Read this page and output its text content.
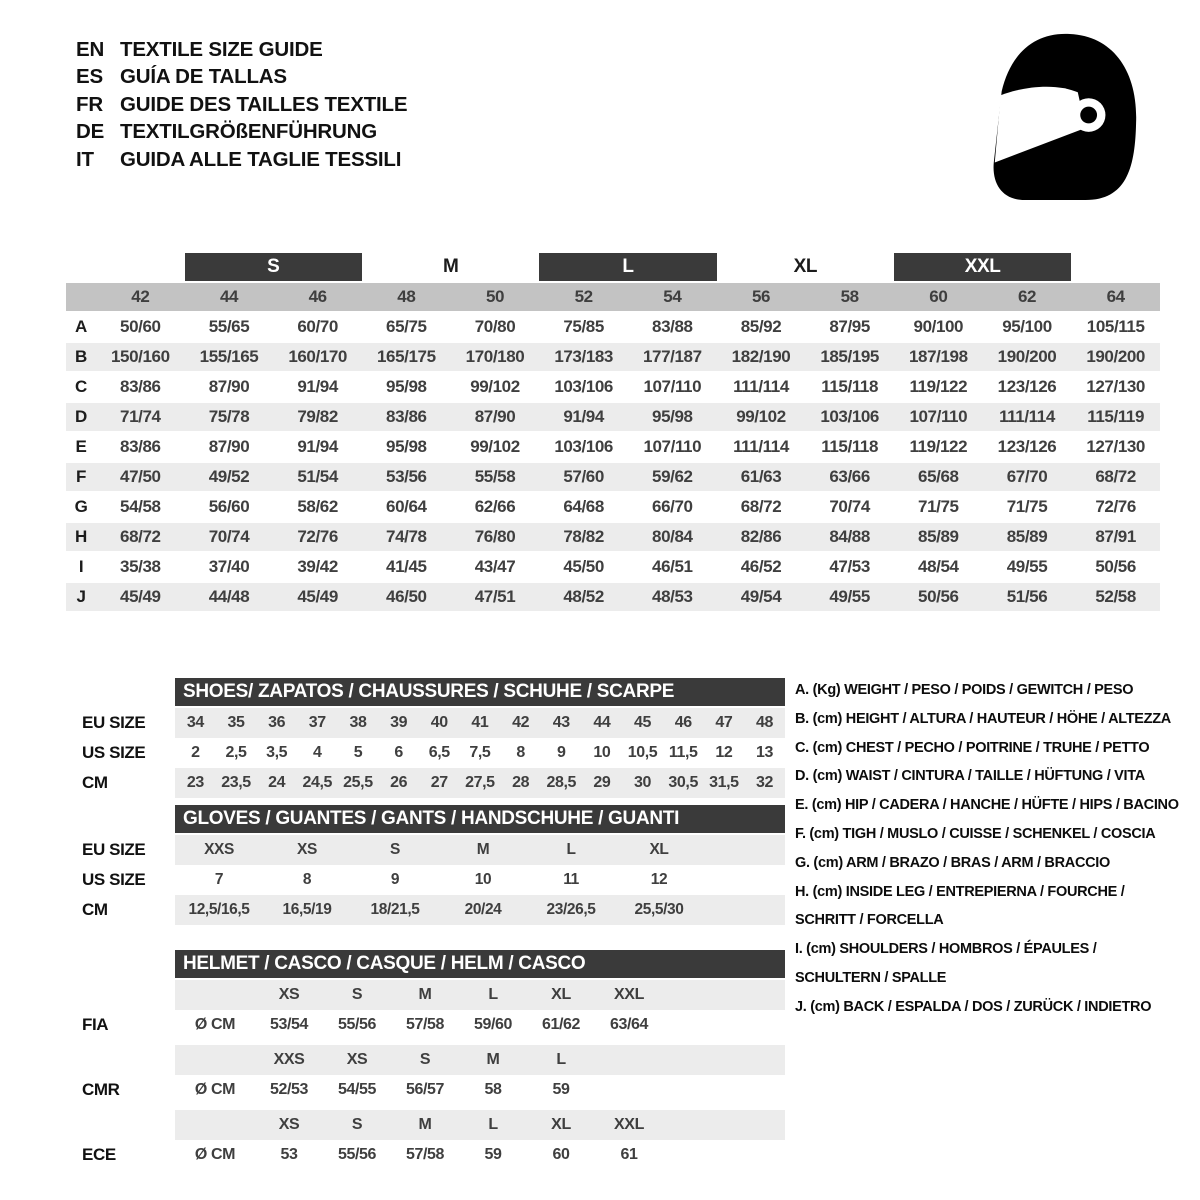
EN TEXTILE SIZE GUIDE
ES GUÍA DE TALLAS
FR GUIDE DES TAILLES TEXTILE
DE TEXTILGRÖßENFÜHRUNG
IT	GUIDA ALLE TAGLIE TESSILI
S	M	L	XL	XXL
42	44	46	48	50	52	54	56	58	60	62	64
A	50/60	55/65	60/70	65/75	70/80	75/85	83/88	85/92	87/95	90/100	95/100	105/115
B	150/160	155/165	160/170	165/175	170/180	173/183	177/187	182/190	185/195	187/198	190/200	190/200
C	83/86	87/90	91/94	95/98	99/102	103/106	107/110	111/114	115/118	119/122	123/126	127/130
D	71/74	75/78	79/82	83/86	87/90	91/94	95/98	99/102	103/106	107/110	111/114	115/119
E	83/86	87/90	91/94	95/98	99/102	103/106	107/110	111/114	115/118	119/122	123/126	127/130
F	47/50	49/52	51/54	53/56	55/58	57/60	59/62	61/63	63/66	65/68	67/70	68/72
G	54/58	56/60	58/62	60/64	62/66	64/68	66/70	68/72	70/74	71/75	71/75	72/76
H	68/72	70/74	72/76	74/78	76/80	78/82	80/84	82/86	84/88	85/89	85/89	87/91
I	35/38	37/40	39/42	41/45	43/47	45/50	46/51	46/52	47/53	48/54	49/55	50/56
J	45/49	44/48	45/49	46/50	47/51	48/52	48/53	49/54	49/55	50/56	51/56	52/58
SHOES/ ZAPATOS / CHAUSSURES / SCHUHE / SCARPE
EU SIZE	34	35	36	37	38	39	40	41	42	43	44	45	46	47	48
US SIZE	2	2,5	3,5	4	5	6	6,5	7,5	8	9	10	10,5 11,5	12	13
CM	23	23,5	24	24,5 25,5	26	27	27,5	28	28,5	29	30	30,5 31,5	32
GLOVES / GUANTES / GANTS / HANDSCHUHE / GUANTI
EU SIZE	XXS	XS	S	M	L	XL
US SIZE	7	8	9	10	11	12
CM	12,5/16,5	16,5/19	18/21,5	20/24	23/26,5	25,5/30
HELMET / CASCO / CASQUE / HELM / CASCO
XS	S	M	L	XL	XXL
FIA	Ø CM	53/54	55/56	57/58	59/60	61/62	63/64
XXS	XS	S	M	L
CMR	Ø CM	52/53	54/55	56/57	58	59
XS	S	M	L	XL	XXL
ECE	Ø CM	53	55/56	57/58	59	60	61
A. (Kg) WEIGHT / PESO / POIDS / GEWITCH / PESO
B. (cm) HEIGHT / ALTURA / HAUTEUR / HÖHE / ALTEZZA
C. (cm) CHEST / PECHO / POITRINE / TRUHE / PETTO
D. (cm) WAIST / CINTURA / TAILLE / HÜFTUNG / VITA
E. (cm) HIP / CADERA / HANCHE / HÜFTE / HIPS / BACINO
F. (cm) TIGH / MUSLO / CUISSE / SCHENKEL / COSCIA
G. (cm) ARM / BRAZO / BRAS / ARM / BRACCIO
H. (cm) INSIDE LEG / ENTREPIERNA / FOURCHE / SCHRITT / FORCELLA
I. (cm) SHOULDERS / HOMBROS / ÉPAULES / SCHULTERN / SPALLE
J. (cm) BACK / ESPALDA / DOS / ZURÜCK / INDIETRO
